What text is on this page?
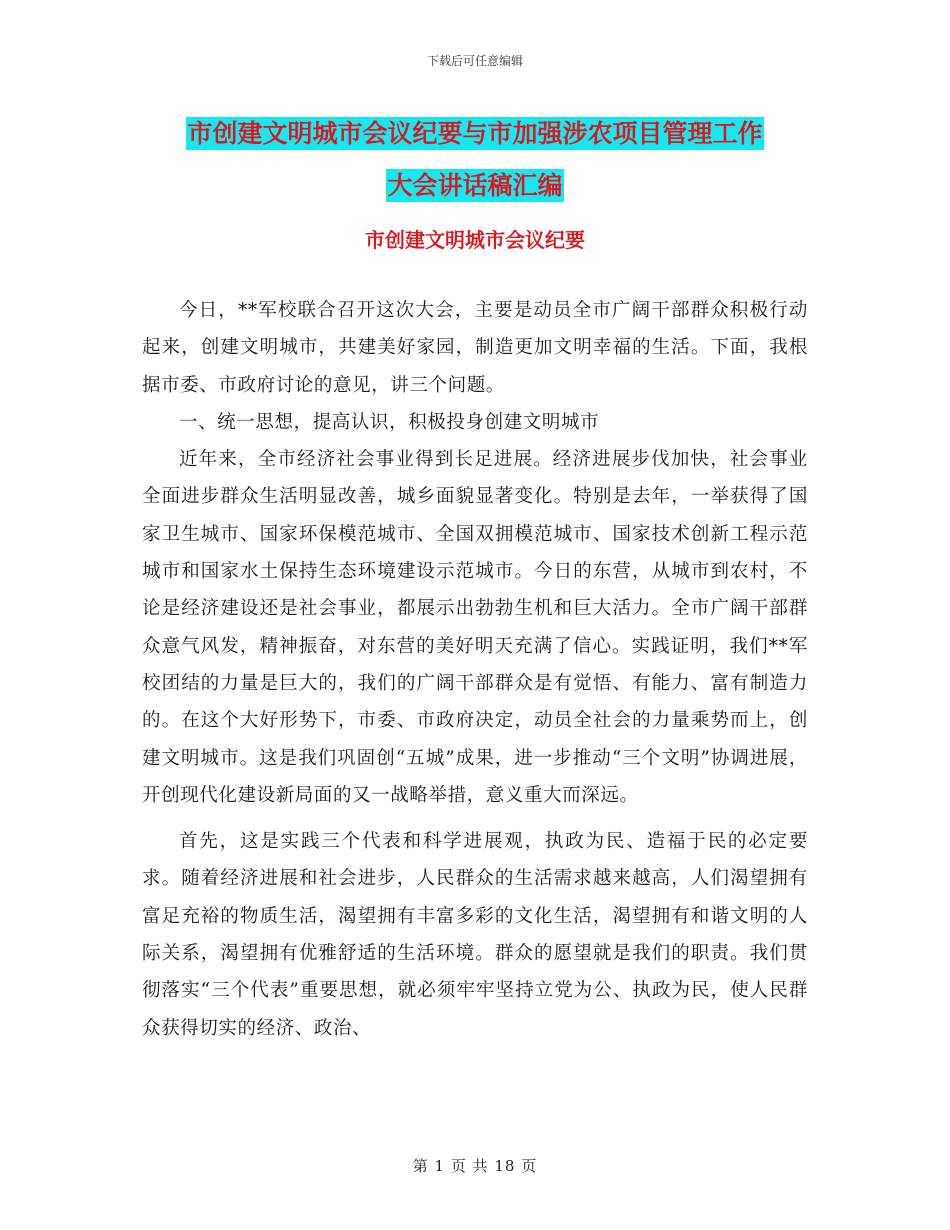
下载后可任意编辑
市创建文明城市会议纪要与市加强涉农项目管理工作
大会讲话稿汇编
市创建文明城市会议纪要

今日，**军校联合召开这次大会，主要是动员全市广阔干部群众积极行动起来，创建文明城市，共建美好家园，制造更加文明幸福的生活。下面，我根据市委、市政府讨论的意见，讲三个问题。

一、统一思想，提高认识，积极投身创建文明城市

近年来，全市经济社会事业得到长足进展。经济进展步伐加快，社会事业全面进步群众生活明显改善，城乡面貌显著变化。特别是去年，一举获得了国家卫生城市、国家环保模范城市、全国双拥模范城市、国家技术创新工程示范城市和国家水土保持生态环境建设示范城市。今日的东营，从城市到农村，不论是经济建设还是社会事业，都展示出勃勃生机和巨大活力。全市广阔干部群众意气风发，精神振奋，对东营的美好明天充满了信心。实践证明，我们**军校团结的力量是巨大的，我们的广阔干部群众是有觉悟、有能力、富有制造力的。在这个大好形势下，市委、市政府决定，动员全社会的力量乘势而上，创建文明城市。这是我们巩固创“五城”成果，进一步推动“三个文明”协调进展，开创现代化建设新局面的又一战略举措，意义重大而深远。

首先，这是实践三个代表和科学进展观，执政为民、造福于民的必定要求。随着经济进展和社会进步，人民群众的生活需求越来越高，人们渴望拥有富足充裕的物质生活，渴望拥有丰富多彩的文化生活，渴望拥有和谐文明的人际关系，渴望拥有优雅舒适的生活环境。群众的愿望就是我们的职责。我们贯彻落实“三个代表”重要思想，就必须牢牢坚持立党为公、执政为民，使人民群众获得切实的经济、政治、

第 1 页 共 18 页
